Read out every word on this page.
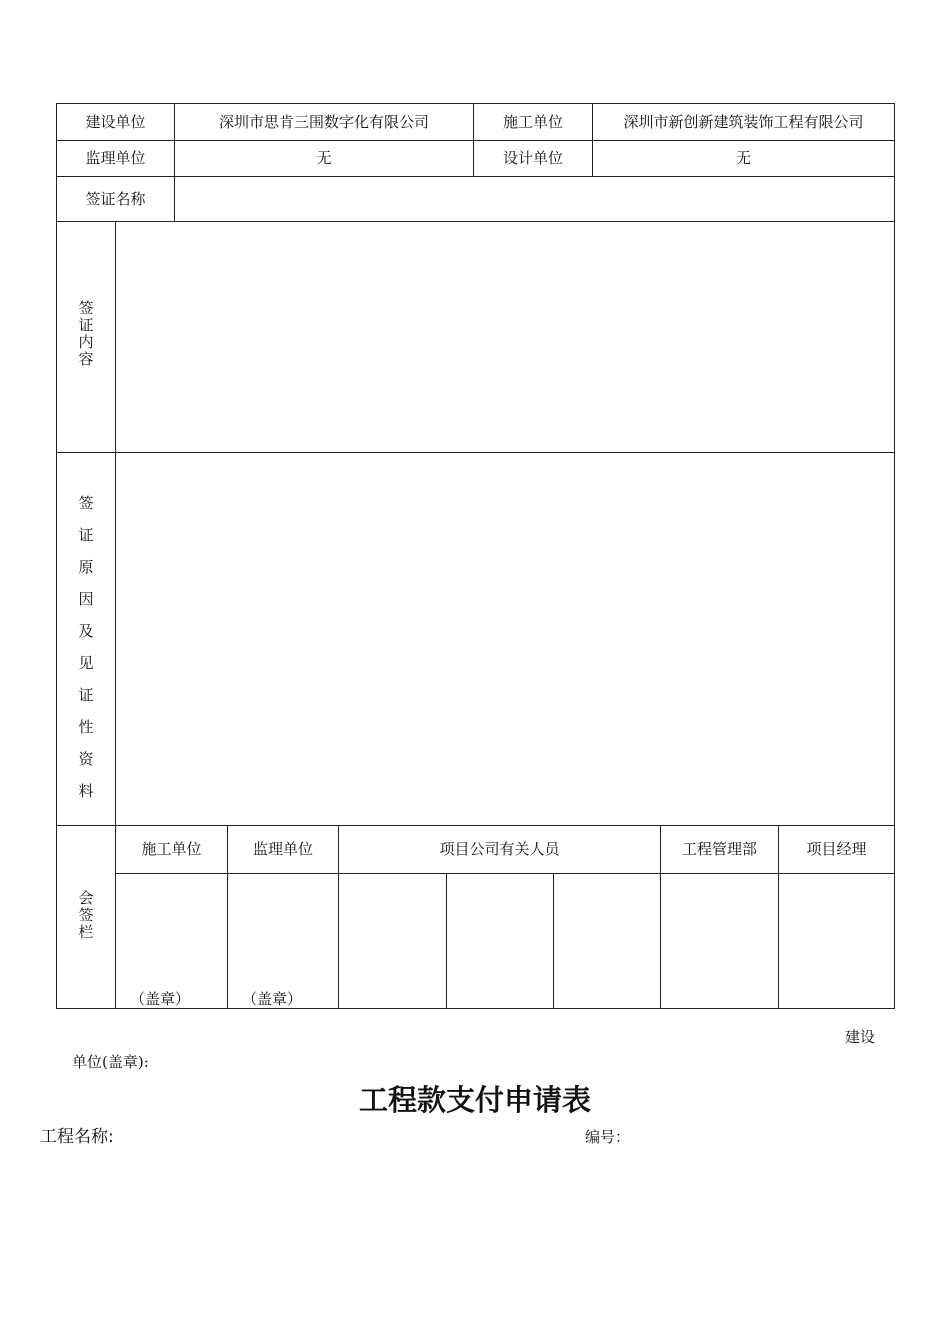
建设单位	深圳市思肯三围数字化有限公司	施工单位	深圳市新创新建筑装饰工程有限公司
监理单位	无	设计单位	无
签证名称
签
证
内
容
签
证
原
因
及
见
证
性
资
料
会
签
栏
施工单位	监理单位	项目公司有关人员	工程管理部	项目经理
（盖章）	（盖章）
建设
单位(盖章):
工程款支付申请表
工程名称:	编号：
